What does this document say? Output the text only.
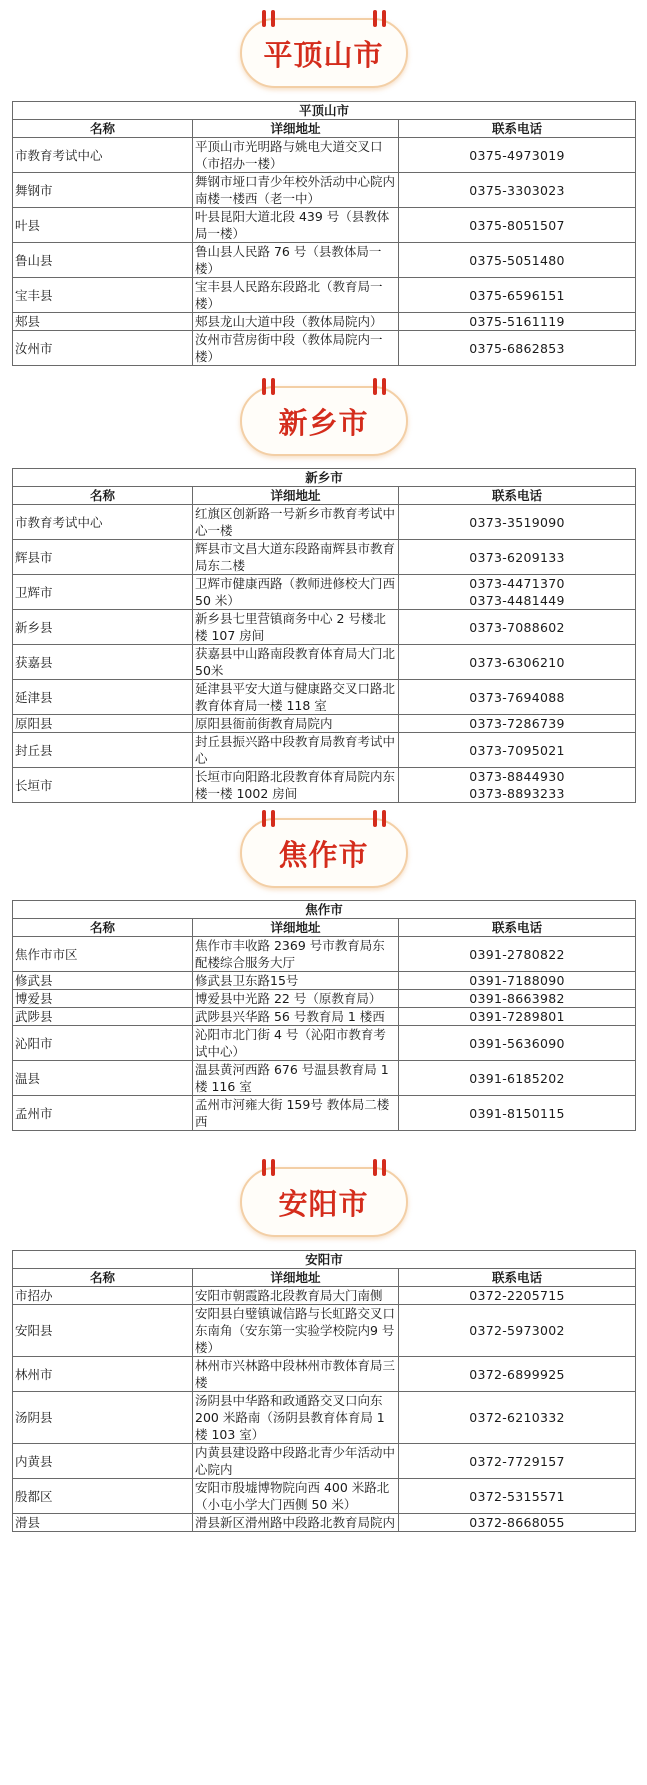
平顶山市
平顶山市		
名称	详细地址	联系电话
市教育考试中心	平顶山市光明路与姚电大道交叉口（市招办一楼）	0375-4973019

舞钢市	舞钢市垭口青少年校外活动中心院内南楼一楼西（老一中）	0375-3303023

叶县	叶县昆阳大道北段 439 号（县教体局一楼）	0375-8051507

鲁山县	鲁山县人民路 76 号（县教体局一楼）	0375-5051480

宝丰县	宝丰县人民路东段路北（教育局一楼）	0375-6596151

郏县	郏县龙山大道中段（教体局院内）	0375-5161119

汝州市	汝州市营房街中段（教体局院内一楼）	0375-6862853
新乡市
新乡市		
名称	详细地址	联系电话
市教育考试中心	红旗区创新路一号新乡市教育考试中心一楼	0373-3519090

辉县市	辉县市文昌大道东段路南辉县市教育局东二楼	0373-6209133

卫辉市	卫辉市健康西路（教师进修校大门西 50 米）	0373-4471370
0373-4481449

新乡县	新乡县七里营镇商务中心 2 号楼北楼 107 房间	0373-7088602

获嘉县	获嘉县中山路南段教育体育局大门北50米	0373-6306210

延津县	延津县平安大道与健康路交叉口路北教育体育局一楼 118 室	0373-7694088

原阳县	原阳县衙前街教育局院内	0373-7286739

封丘县	封丘县振兴路中段教育局教育考试中心	0373-7095021

长垣市	长垣市向阳路北段教育体育局院内东楼一楼 1002 房间	0373-8844930
0373-8893233
焦作市
焦作市		
名称	详细地址	联系电话
焦作市市区	焦作市丰收路 2369 号市教育局东配楼综合服务大厅	0391-2780822

修武县	修武县卫东路15号	0391-7188090

博爱县	博爱县中光路 22 号（原教育局）	0391-8663982

武陟县	武陟县兴华路 56 号教育局 1 楼西	0391-7289801

沁阳市	沁阳市北门街 4 号（沁阳市教育考试中心）	0391-5636090

温县	温县黄河西路 676 号温县教育局 1 楼 116 室	0391-6185202

孟州市	孟州市河雍大街 159号 教体局二楼西	0391-8150115
安阳市
安阳市		
名称	详细地址	联系电话
市招办	安阳市朝霞路北段教育局大门南侧	0372-2205715

安阳县	安阳县白璧镇诚信路与长虹路交叉口东南角（安东第一实验学校院内9 号楼）	0372-5973002

林州市	林州市兴林路中段林州市教体育局三楼	0372-6899925

汤阴县	汤阴县中华路和政通路交叉口向东200 米路南（汤阴县教育体育局 1楼 103 室）	0372-6210332

内黄县	内黄县建设路中段路北青少年活动中心院内	0372-7729157

殷都区	安阳市殷墟博物院向西 400 米路北（小屯小学大门西侧 50 米）	0372-5315571

滑县	滑县新区滑州路中段路北教育局院内	0372-8668055
